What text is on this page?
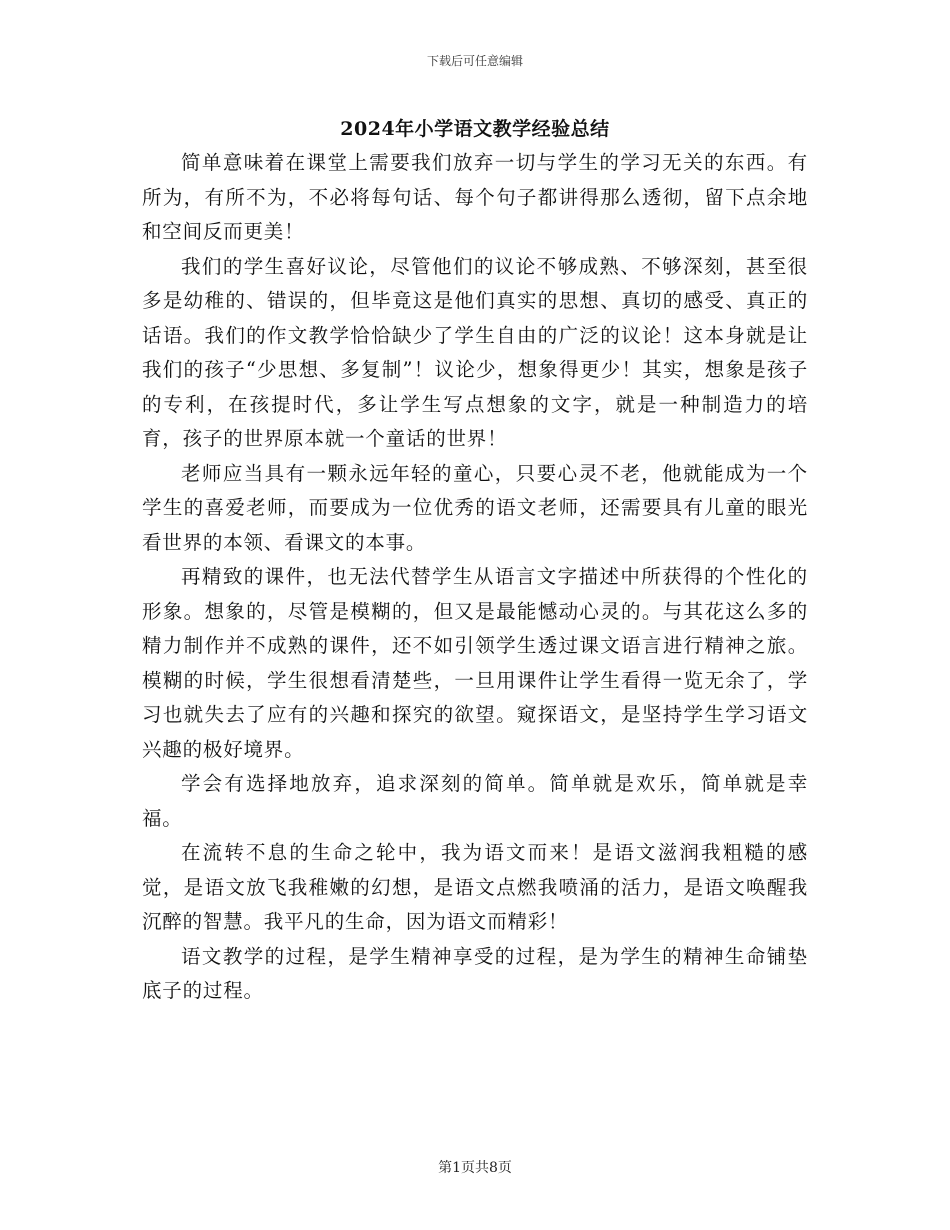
下载后可任意编辑
2024年小学语文教学经验总结

简单意味着在课堂上需要我们放弃一切与学生的学习无关的东西。有所为，有所不为，不必将每句话、每个句子都讲得那么透彻，留下点余地和空间反而更美！

我们的学生喜好议论，尽管他们的议论不够成熟、不够深刻，甚至很多是幼稚的、错误的，但毕竟这是他们真实的思想、真切的感受、真正的话语。我们的作文教学恰恰缺少了学生自由的广泛的议论！这本身就是让我们的孩子“少思想、多复制”！议论少，想象得更少！其实，想象是孩子的专利，在孩提时代，多让学生写点想象的文字，就是一种制造力的培育，孩子的世界原本就一个童话的世界！

老师应当具有一颗永远年轻的童心，只要心灵不老，他就能成为一个学生的喜爱老师，而要成为一位优秀的语文老师，还需要具有儿童的眼光看世界的本领、看课文的本事。

再精致的课件，也无法代替学生从语言文字描述中所获得的个性化的形象。想象的，尽管是模糊的，但又是最能憾动心灵的。与其花这么多的精力制作并不成熟的课件，还不如引领学生透过课文语言进行精神之旅。模糊的时候，学生很想看清楚些，一旦用课件让学生看得一览无余了，学习也就失去了应有的兴趣和探究的欲望。窥探语文，是坚持学生学习语文兴趣的极好境界。

学会有选择地放弃，追求深刻的简单。简单就是欢乐，简单就是幸福。

在流转不息的生命之轮中，我为语文而来！是语文滋润我粗糙的感觉，是语文放飞我稚嫩的幻想，是语文点燃我喷涌的活力，是语文唤醒我沉醉的智慧。我平凡的生命，因为语文而精彩！

语文教学的过程，是学生精神享受的过程，是为学生的精神生命铺垫底子的过程。

第1页共8页
